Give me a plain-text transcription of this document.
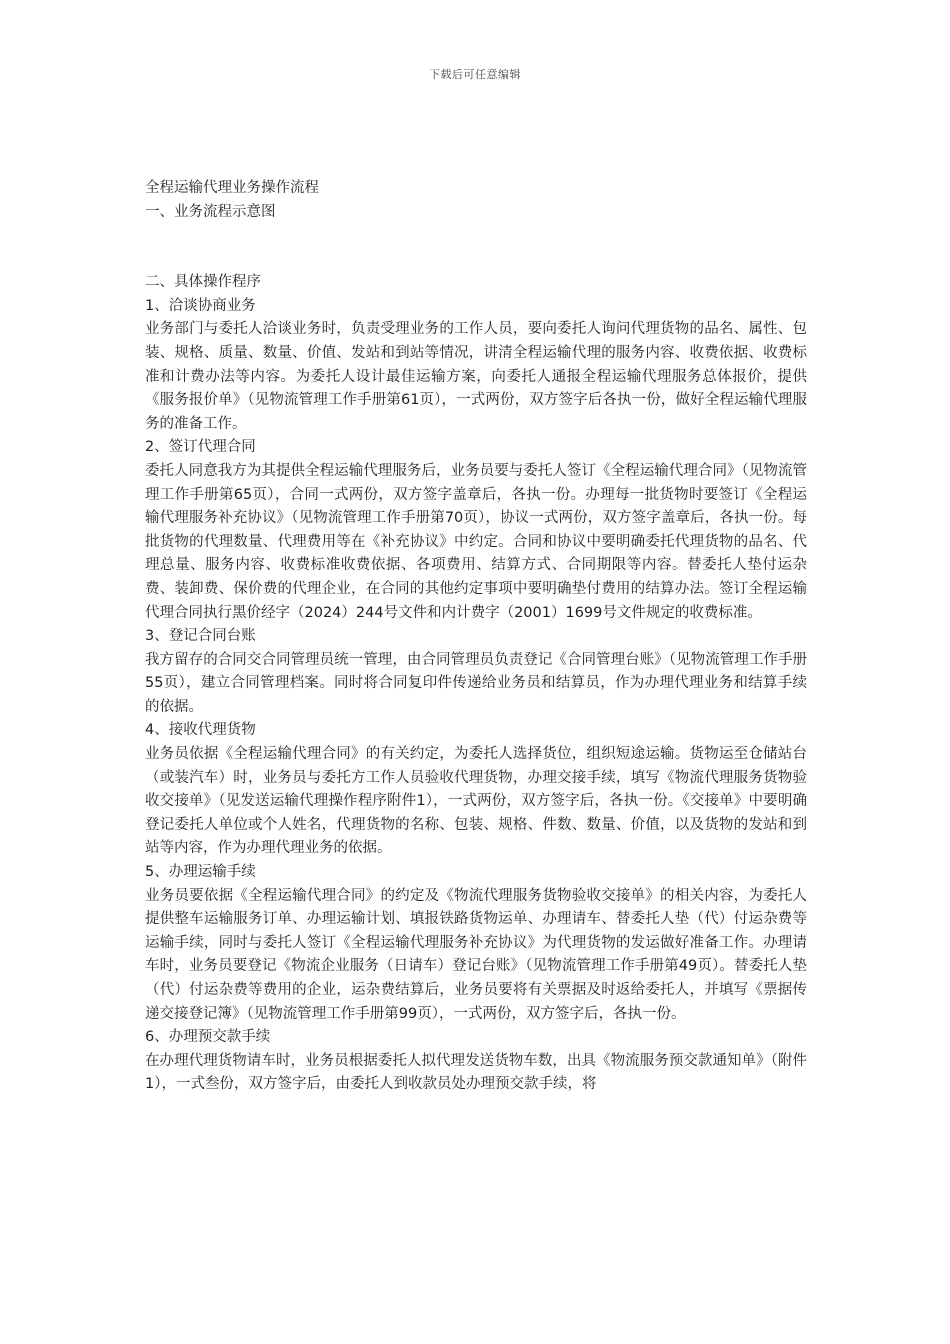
下载后可任意编辑

全程运输代理业务操作流程

一、业务流程示意图

二、具体操作程序

1、洽谈协商业务

业务部门与委托人洽谈业务时，负责受理业务的工作人员，要向委托人询问代理货物的品名、属性、包装、规格、质量、数量、价值、发站和到站等情况，讲清全程运输代理的服务内容、收费依据、收费标准和计费办法等内容。为委托人设计最佳运输方案，向委托人通报全程运输代理服务总体报价，提供《服务报价单》（见物流管理工作手册第61页），一式两份，双方签字后各执一份，做好全程运输代理服务的准备工作。

2、签订代理合同

委托人同意我方为其提供全程运输代理服务后，业务员要与委托人签订《全程运输代理合同》（见物流管理工作手册第65页），合同一式两份，双方签字盖章后，各执一份。办理每一批货物时要签订《全程运输代理服务补充协议》（见物流管理工作手册第70页），协议一式两份，双方签字盖章后，各执一份。每批货物的代理数量、代理费用等在《补充协议》中约定。合同和协议中要明确委托代理货物的品名、代理总量、服务内容、收费标准收费依据、各项费用、结算方式、合同期限等内容。替委托人垫付运杂费、装卸费、保价费的代理企业，在合同的其他约定事项中要明确垫付费用的结算办法。签订全程运输代理合同执行黑价经字（2024）244号文件和内计费字（2001）1699号文件规定的收费标准。

3、登记合同台账

我方留存的合同交合同管理员统一管理，由合同管理员负责登记《合同管理台账》（见物流管理工作手册55页），建立合同管理档案。同时将合同复印件传递给业务员和结算员，作为办理代理业务和结算手续的依据。

4、接收代理货物

业务员依据《全程运输代理合同》的有关约定，为委托人选择货位，组织短途运输。货物运至仓储站台（或装汽车）时，业务员与委托方工作人员验收代理货物，办理交接手续，填写《物流代理服务货物验收交接单》（见发送运输代理操作程序附件1），一式两份，双方签字后，各执一份。《交接单》中要明确登记委托人单位或个人姓名，代理货物的名称、包装、规格、件数、数量、价值，以及货物的发站和到站等内容，作为办理代理业务的依据。

5、办理运输手续

业务员要依据《全程运输代理合同》的约定及《物流代理服务货物验收交接单》的相关内容，为委托人提供整车运输服务订单、办理运输计划、填报铁路货物运单、办理请车、替委托人垫（代）付运杂费等运输手续，同时与委托人签订《全程运输代理服务补充协议》为代理货物的发运做好准备工作。办理请车时，业务员要登记《物流企业服务（日请车）登记台账》（见物流管理工作手册第49页）。替委托人垫（代）付运杂费等费用的企业，运杂费结算后，业务员要将有关票据及时返给委托人，并填写《票据传递交接登记簿》（见物流管理工作手册第99页），一式两份，双方签字后，各执一份。

6、办理预交款手续

在办理代理货物请车时，业务员根据委托人拟代理发送货物车数，出具《物流服务预交款通知单》（附件1），一式叁份，双方签字后，由委托人到收款员处办理预交款手续，将
